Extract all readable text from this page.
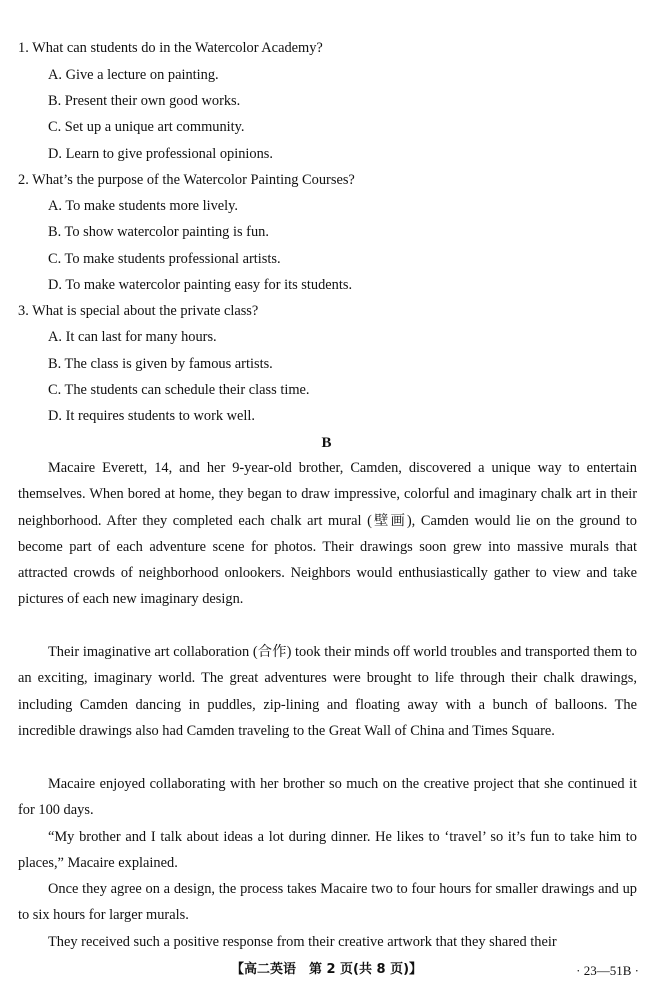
1. What can students do in the Watercolor Academy?
A. Give a lecture on painting.
B. Present their own good works.
C. Set up a unique art community.
D. Learn to give professional opinions.
2. What’s the purpose of the Watercolor Painting Courses?
A. To make students more lively.
B. To show watercolor painting is fun.
C. To make students professional artists.
D. To make watercolor painting easy for its students.
3. What is special about the private class?
A. It can last for many hours.
B. The class is given by famous artists.
C. The students can schedule their class time.
D. It requires students to work well.
B
Macaire Everett, 14, and her 9-year-old brother, Camden, discovered a unique way to entertain themselves. When bored at home, they began to draw impressive, colorful and imaginary chalk art in their neighborhood. After they completed each chalk art mural (壁画), Camden would lie on the ground to become part of each adventure scene for photos. Their drawings soon grew into massive murals that attracted crowds of neighborhood onlookers. Neighbors would enthusiastically gather to view and take pictures of each new imaginary design.
Their imaginative art collaboration (合作) took their minds off world troubles and transported them to an exciting, imaginary world. The great adventures were brought to life through their chalk drawings, including Camden dancing in puddles, zip-lining and floating away with a bunch of balloons. The incredible drawings also had Camden traveling to the Great Wall of China and Times Square.
Macaire enjoyed collaborating with her brother so much on the creative project that she continued it for 100 days.
“My brother and I talk about ideas a lot during dinner. He likes to ‘travel’ so it’s fun to take him to places,” Macaire explained.
Once they agree on a design, the process takes Macaire two to four hours for smaller drawings and up to six hours for larger murals.
They received such a positive response from their creative artwork that they shared their
【高二英语　第 2 页(共 8 页)】	· 23—51B ·
